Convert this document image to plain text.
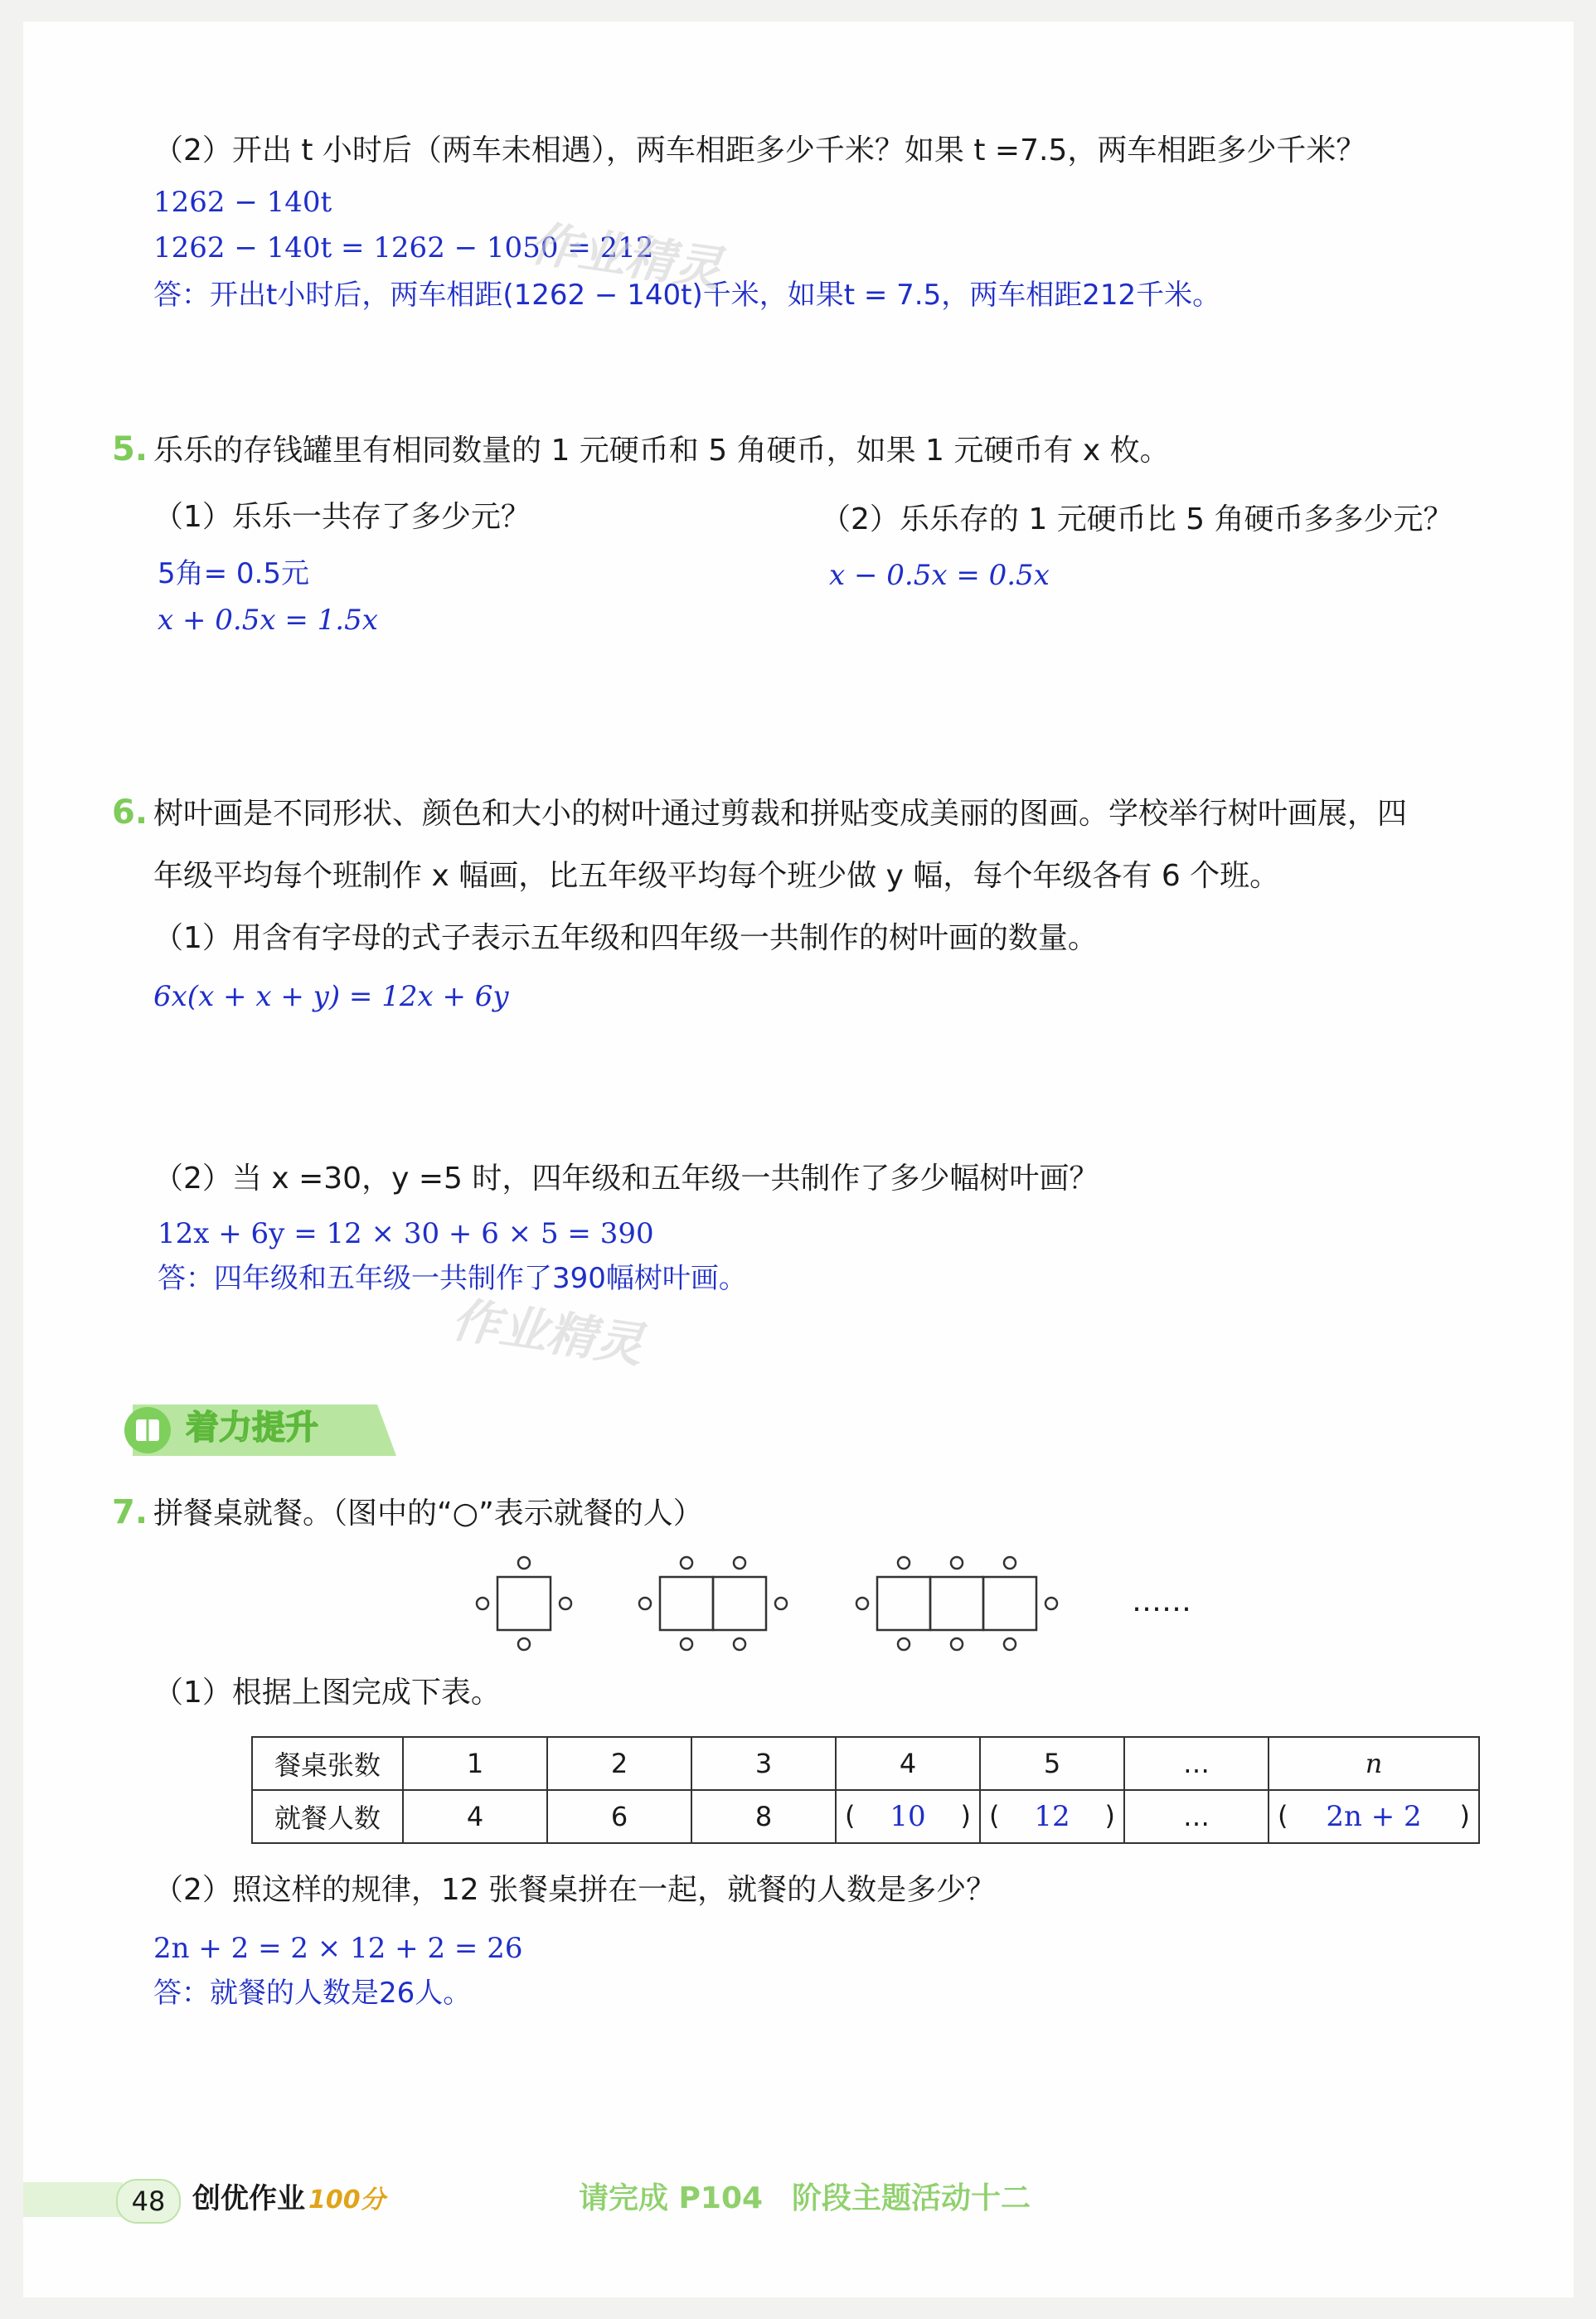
（2）开出 t 小时后（两车未相遇），两车相距多少千米？如果 t =7.5，两车相距多少千米？
1262 − 140t
1262 − 140t = 1262 − 1050 = 212
答：开出t小时后，两车相距(1262 − 140t)千米，如果t = 7.5，两车相距212千米。
作业精灵
5. 乐乐的存钱罐里有相同数量的 1 元硬币和 5 角硬币，如果 1 元硬币有 x 枚。
（1）乐乐一共存了多少元？	（2）乐乐存的 1 元硬币比 5 角硬币多多少元？
5角= 0.5元
x + 0.5x = 1.5x
x − 0.5x = 0.5x
6. 树叶画是不同形状、颜色和大小的树叶通过剪裁和拼贴变成美丽的图画。学校举行树叶画展，四
年级平均每个班制作 x 幅画，比五年级平均每个班少做 y 幅，每个年级各有 6 个班。
（1）用含有字母的式子表示五年级和四年级一共制作的树叶画的数量。
6x(x + x + y) = 12x + 6y
（2）当 x =30，y =5 时，四年级和五年级一共制作了多少幅树叶画？
12x + 6y = 12 × 30 + 6 × 5 = 390
答：四年级和五年级一共制作了390幅树叶画。
作业精灵
着力提升
7. 拼餐桌就餐。（图中的“○”表示就餐的人）
……
（1）根据上图完成下表。
餐桌张数	1	2	3	4	5	…	n
就餐人数	4	6	8	( 10 )	( 12 )	…	( 2n + 2 )
（2）照这样的规律，12 张餐桌拼在一起，就餐的人数是多少？
2n + 2 = 2 × 12 + 2 = 26
答：就餐的人数是26人。
48 创优作业 100分	请完成 P104 阶段主题活动十二
